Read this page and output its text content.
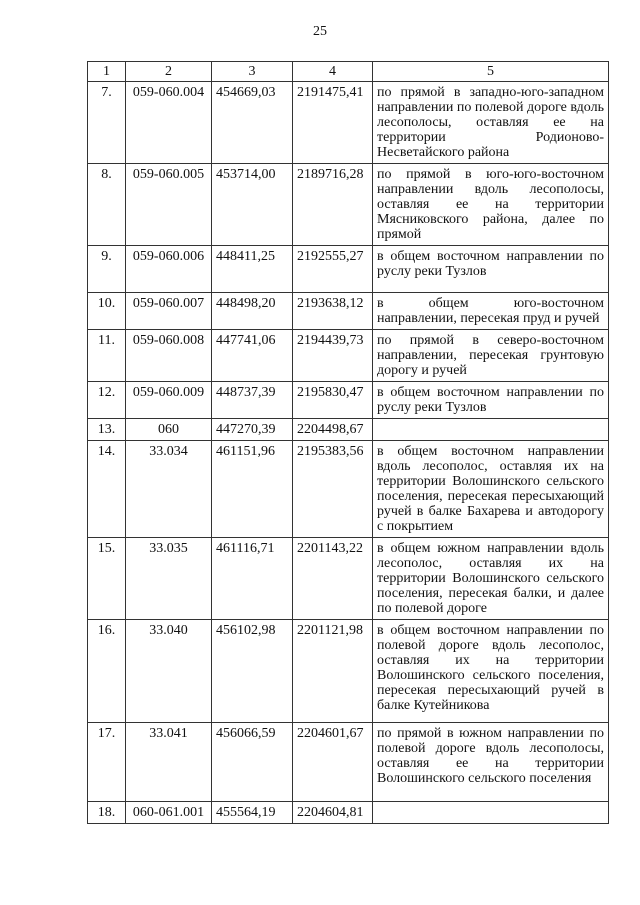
25
1	2	3	4	5
7.	059-060.004	454669,03	2191475,41	по прямой в западно-юго-западном направлении по полевой дороге вдоль лесополосы, оставляя ее на территории Родионово-Несветайского района
8.	059-060.005	453714,00	2189716,28	по прямой в юго-юго-восточном направлении вдоль лесополосы, оставляя ее на территории Мясниковского района, далее по прямой
9.	059-060.006	448411,25	2192555,27	в общем восточном направлении по руслу реки Тузлов
10.	059-060.007	448498,20	2193638,12	в общем юго-восточном направлении, пересекая пруд и ручей
11.	059-060.008	447741,06	2194439,73	по прямой в северо-восточном направлении, пересекая грунтовую дорогу и ручей
12.	059-060.009	448737,39	2195830,47	в общем восточном направлении по руслу реки Тузлов
13.	060	447270,39	2204498,67	
14.	33.034	461151,96	2195383,56	в общем восточном направлении вдоль лесополос, оставляя их на территории Волошинского сельского поселения, пересекая пересыхающий ручей в балке Бахарева и автодорогу с покрытием
15.	33.035	461116,71	2201143,22	в общем южном направлении вдоль лесополос, оставляя их на территории Волошинского сельского поселения, пересекая балки, и далее по полевой дороге
16.	33.040	456102,98	2201121,98	в общем восточном направлении по полевой дороге вдоль лесополос, оставляя их на территории Волошинского сельского поселения, пересекая пересыхающий ручей в балке Кутейникова
17.	33.041	456066,59	2204601,67	по прямой в южном направлении по полевой дороге вдоль лесополосы, оставляя ее на территории Волошинского сельского поселения
18.	060-061.001	455564,19	2204604,81	
